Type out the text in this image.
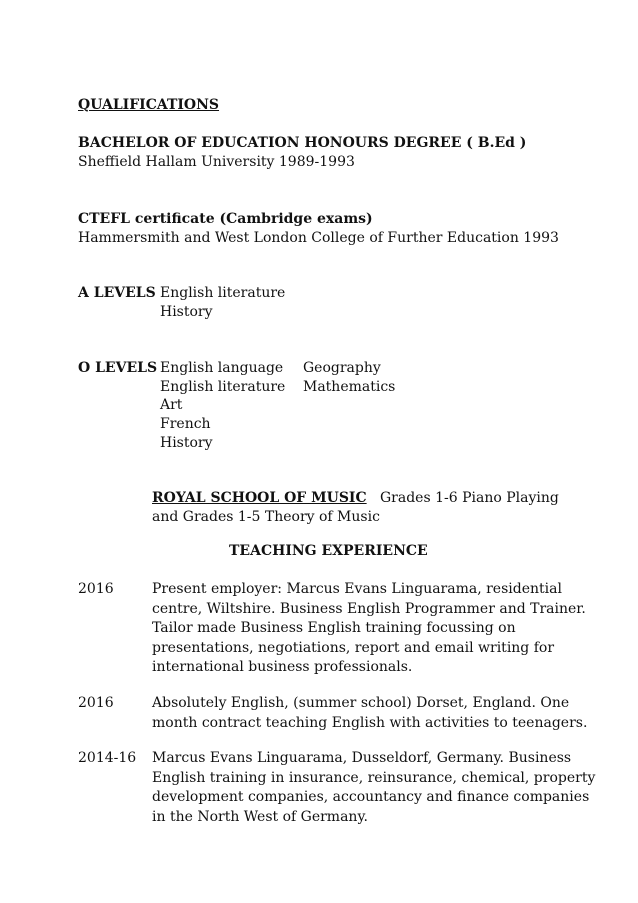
QUALIFICATIONS
BACHELOR OF EDUCATION HONOURS DEGREE ( B.Ed )
Sheffield Hallam University 1989-1993
CTEFL certificate (Cambridge exams)
Hammersmith and West London College of Further Education 1993
A LEVELS English literature
History
O LEVELS English language
English literature
Art
French
History
Geography
Mathematics
ROYAL SCHOOL OF MUSIC Grades 1-6 Piano Playing
and Grades 1-5 Theory of Music
TEACHING EXPERIENCE
2016	Present employer: Marcus Evans Linguarama, residential
centre, Wiltshire. Business English Programmer and Trainer.
Tailor made Business English training focussing on
presentations, negotiations, report and email writing for
international business professionals.
2016	Absolutely English, (summer school) Dorset, England. One
month contract teaching English with activities to teenagers.
2014-16 Marcus Evans Linguarama, Dusseldorf, Germany. Business
English training in insurance, reinsurance, chemical, property
development companies, accountancy and finance companies
in the North West of Germany.
